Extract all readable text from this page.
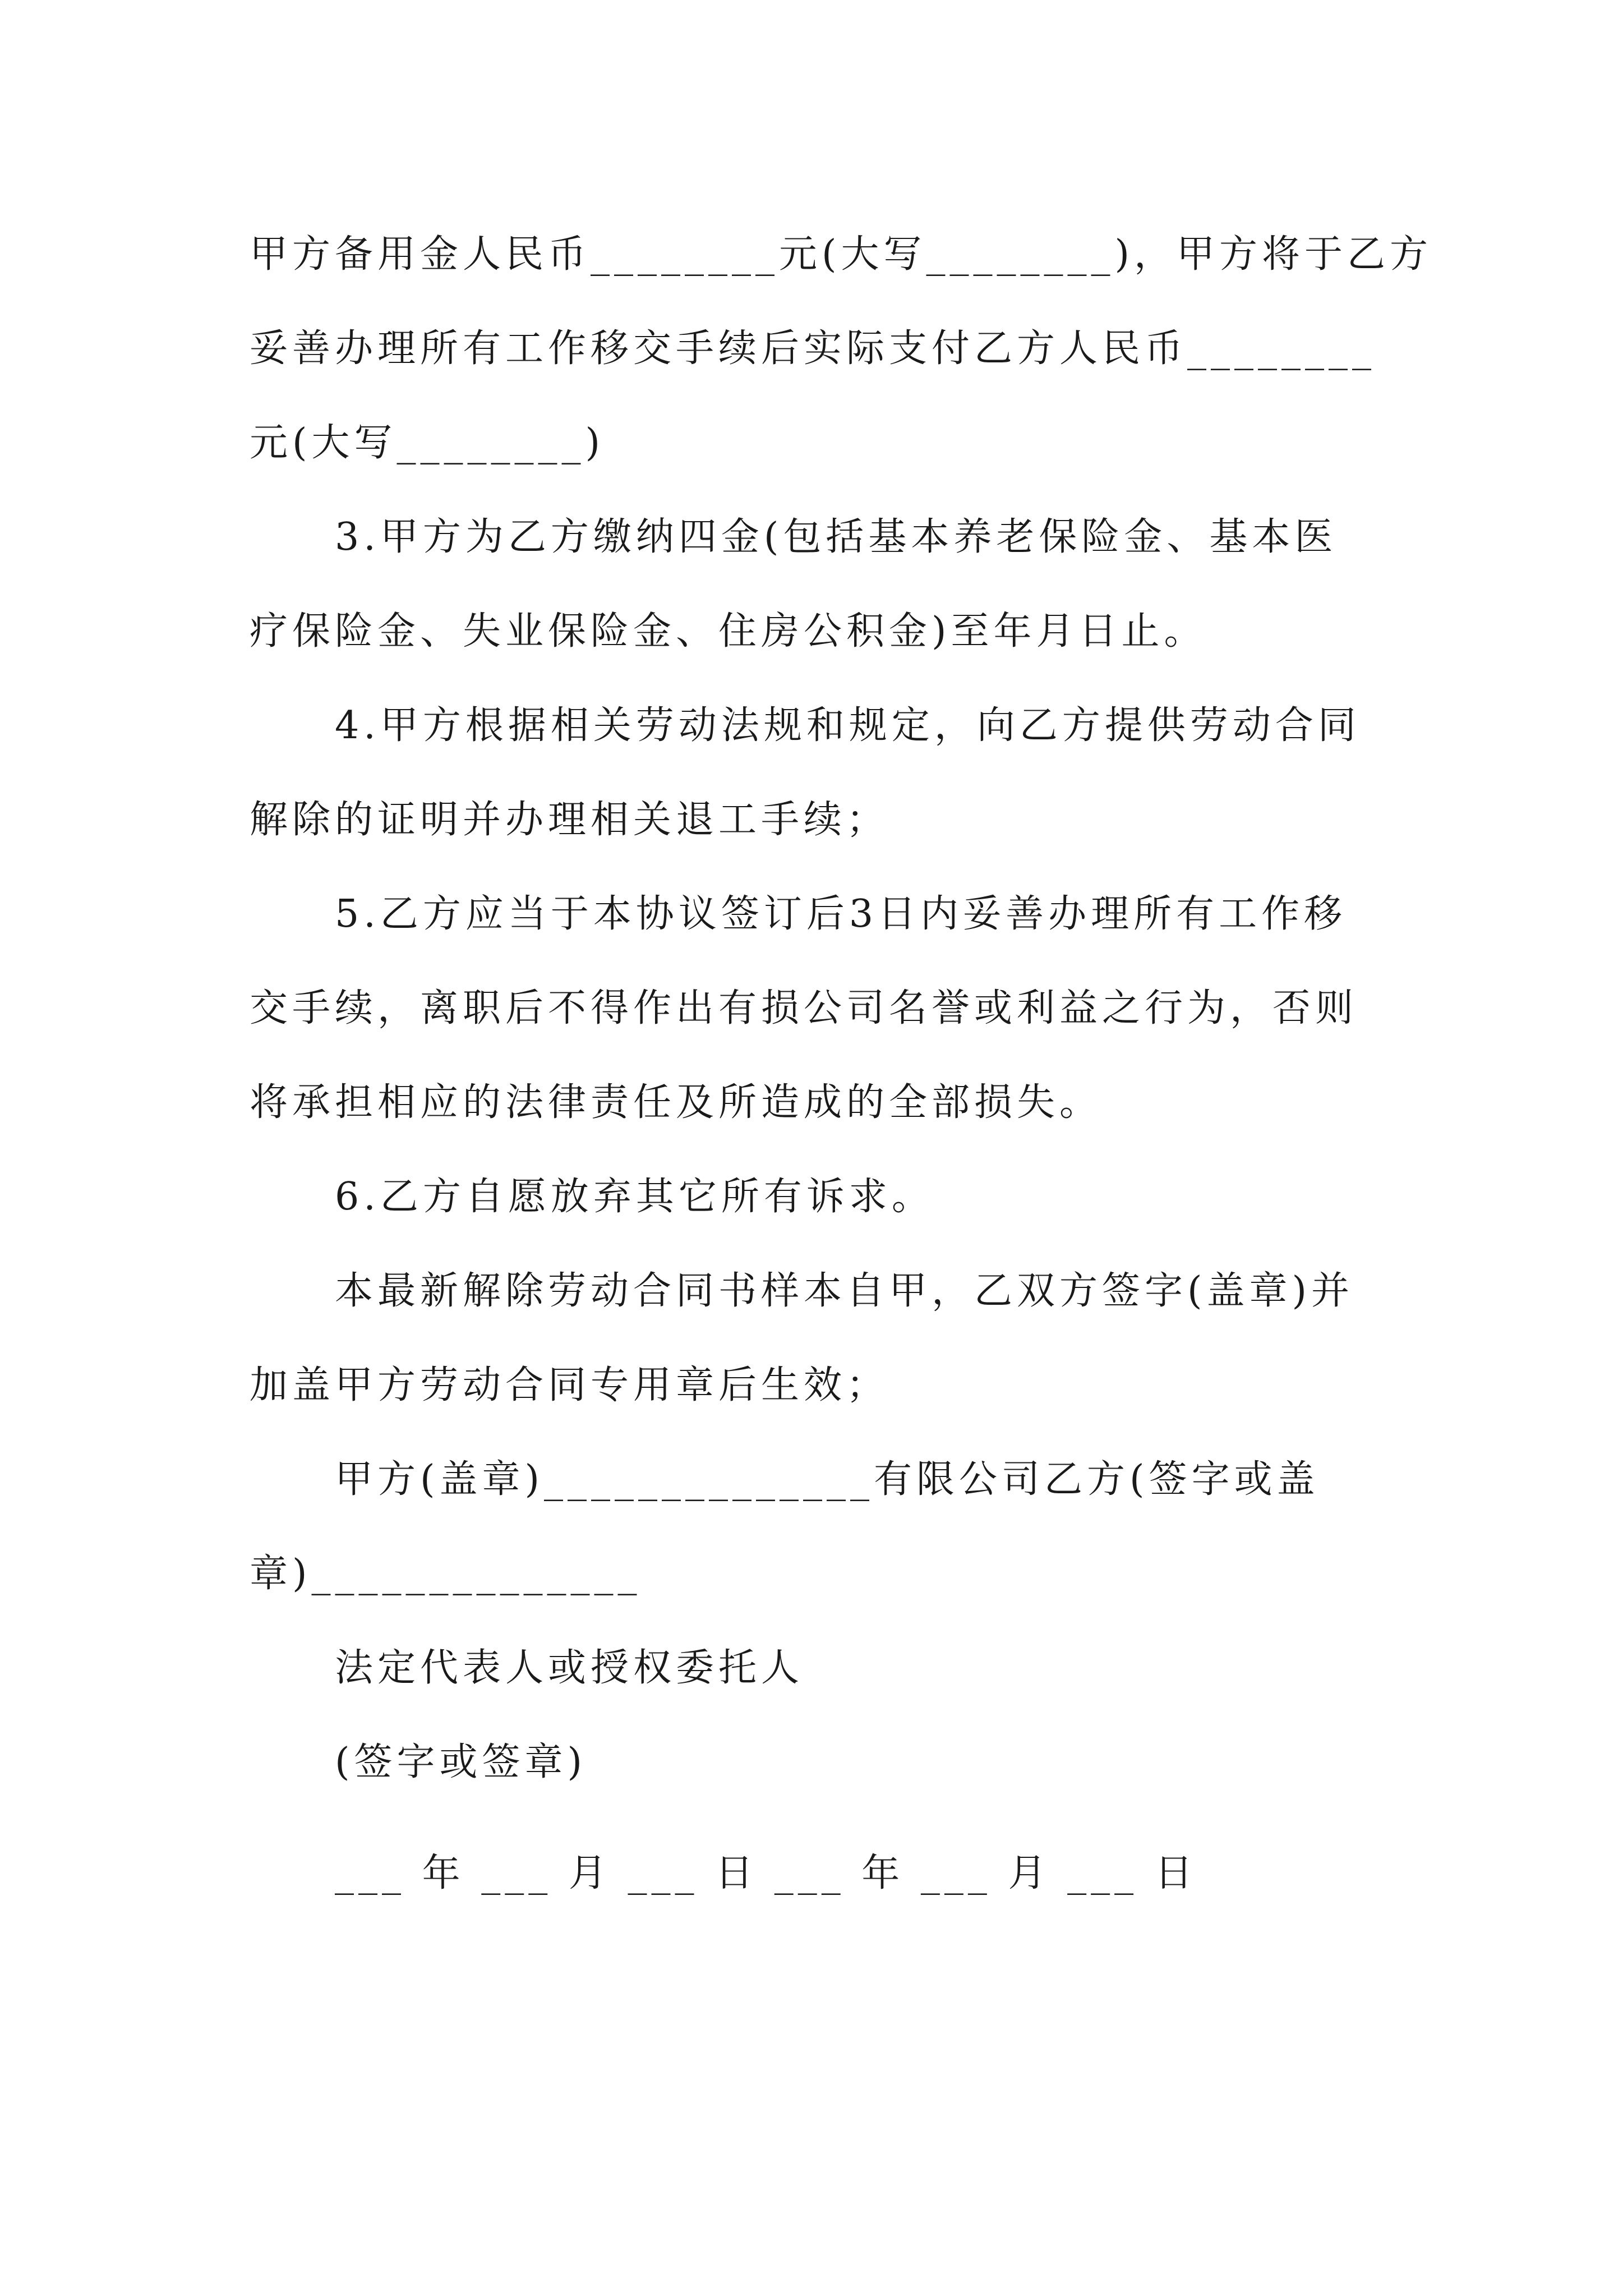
甲方备用金人民币________元(大写________)，甲方将于乙方
妥善办理所有工作移交手续后实际支付乙方人民币________
元(大写________)

　　3.甲方为乙方缴纳四金(包括基本养老保险金、基本医
疗保险金、失业保险金、住房公积金)至年月日止。

　　4.甲方根据相关劳动法规和规定，向乙方提供劳动合同
解除的证明并办理相关退工手续；

　　5.乙方应当于本协议签订后3日内妥善办理所有工作移
交手续，离职后不得作出有损公司名誉或利益之行为，否则
将承担相应的法律责任及所造成的全部损失。

　　6.乙方自愿放弃其它所有诉求。

　　本最新解除劳动合同书样本自甲，乙双方签字(盖章)并
加盖甲方劳动合同专用章后生效；

　　甲方(盖章)______________有限公司乙方(签字或盖
章)______________

　　法定代表人或授权委托人

　　(签字或签章)

　　___ 年 ___ 月 ___ 日 ___ 年 ___ 月 ___ 日
